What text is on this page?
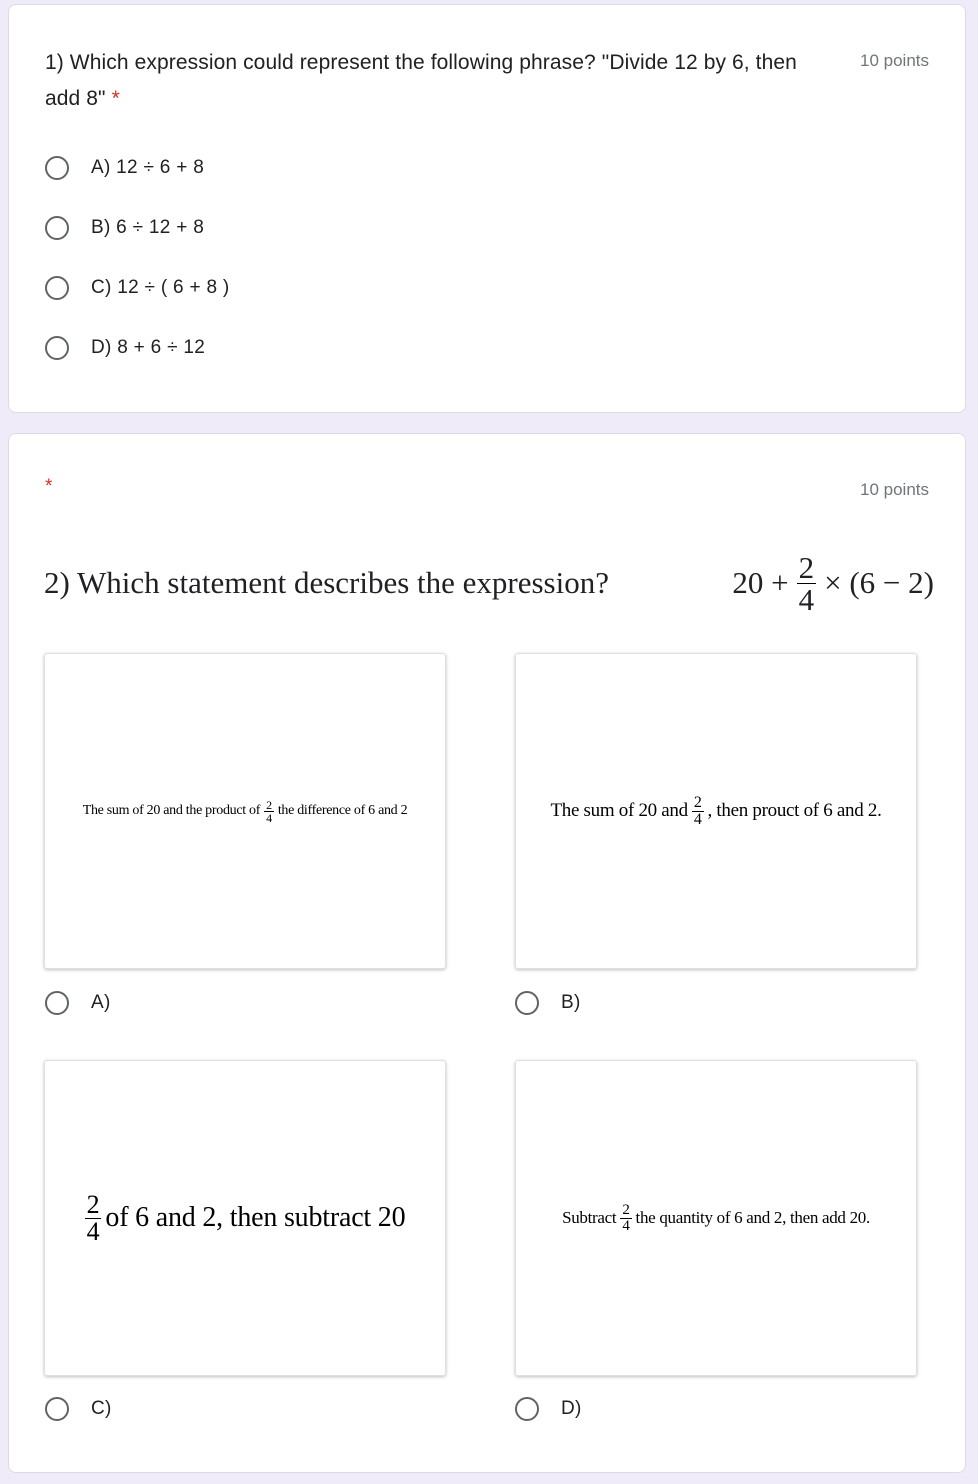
1) Which expression could represent the following phrase? "Divide 12 by 6, then add 8" *
10 points
A) 12 ÷ 6 + 8
B) 6 ÷ 12 + 8
C) 12 ÷ ( 6 + 8 )
D) 8 + 6 ÷ 12
*	10 points
2) Which statement describes the expression?	$20 + \frac{2}{4} \times (6 - 2)$
The sum of 20 and the product of $\frac{2}{4}$ the difference of 6 and 2
A)
The sum of 20 and $\frac{2}{4}$ , then prouct of 6 and 2.
B)
$\frac{2}{4}$ of 6 and 2, then subtract 20
C)
Subtract $\frac{2}{4}$ the quantity of 6 and 2, then add 20.
D)
